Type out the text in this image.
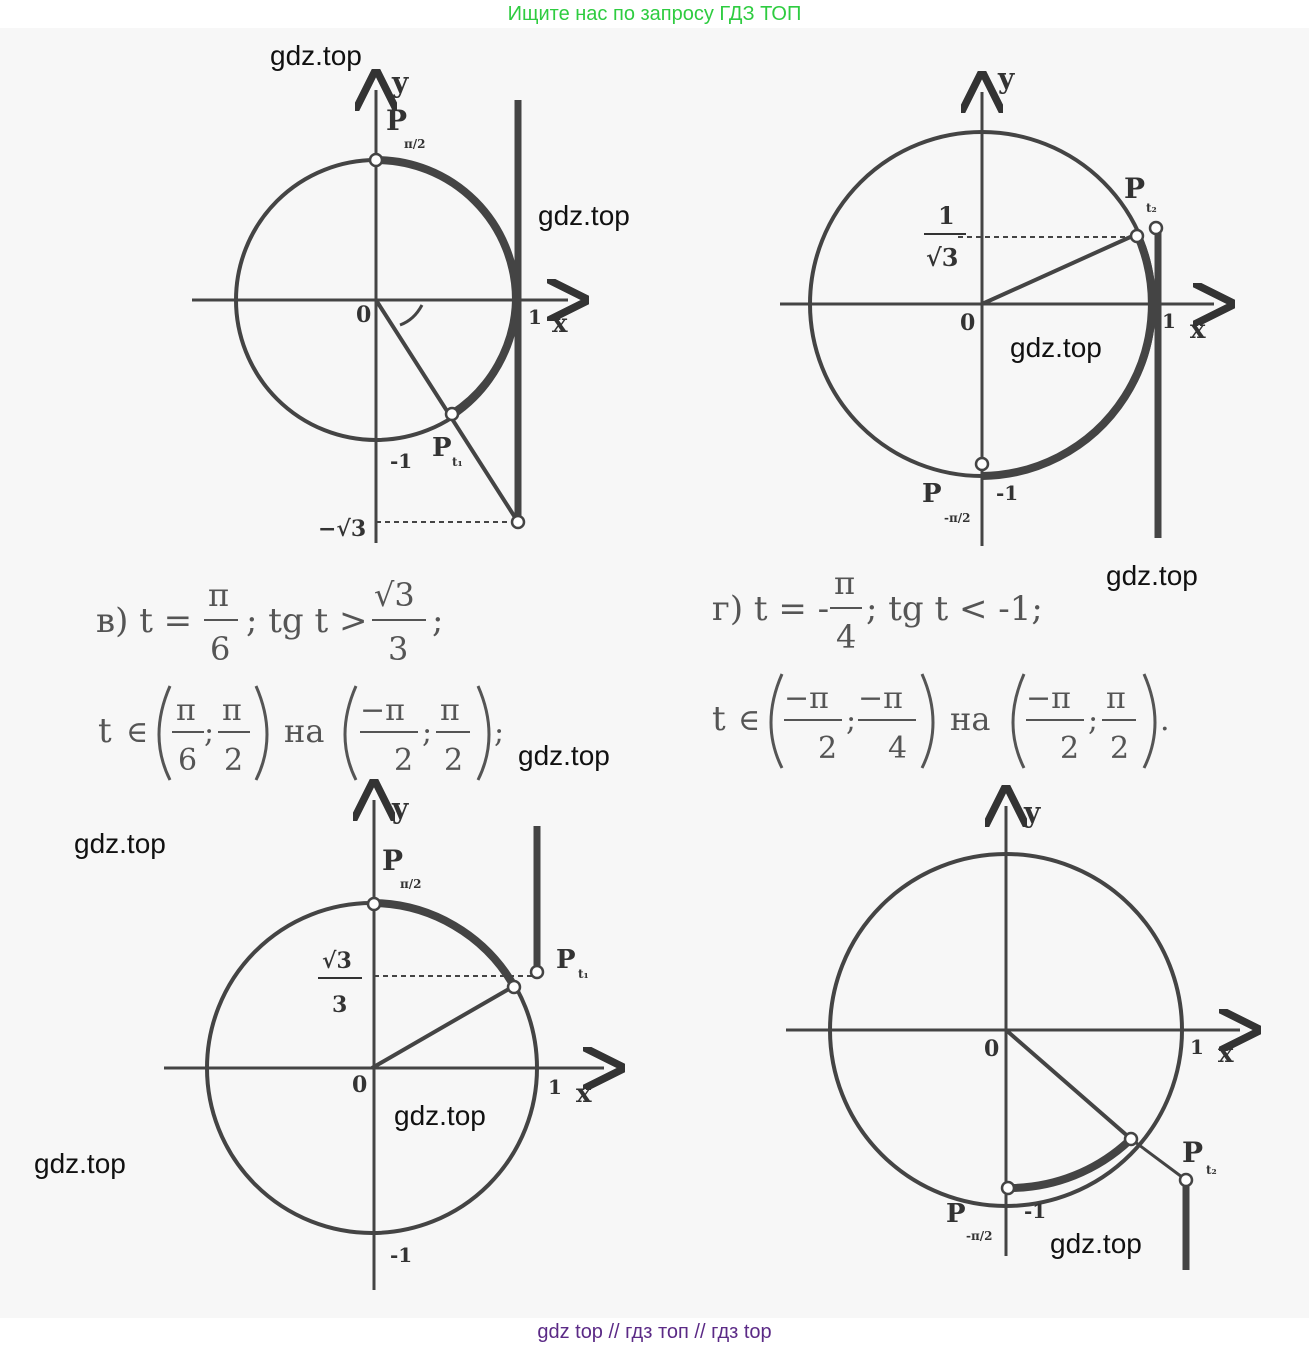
Ищите нас по запросу ГДЗ ТОП
y
P
π/2
0	1 x
-1 P t₁
−√3
y
P
t₂
1
√3
0	1 x
-1
P
-π/2
в) t =
π
6
; tg t >
√3
3
;
t ∈
π
6
;
π
2
на
−π
2
;
π
2
;
г) t = -
π
4
; tg t < -1;
t ∈
−π
2
;
−π
4
на
−π
2
;
π
2
.
y
P
π/2
√3
3
P t₁
0	1 x
-1
y
0	1 x
P
t₂
-1
P
-π/2
gdz.top
gdz.top
gdz.top
gdz.top
gdz.top
gdz.top
gdz.top
gdz.top
gdz.top
gdz top // гдз топ // гдз top
